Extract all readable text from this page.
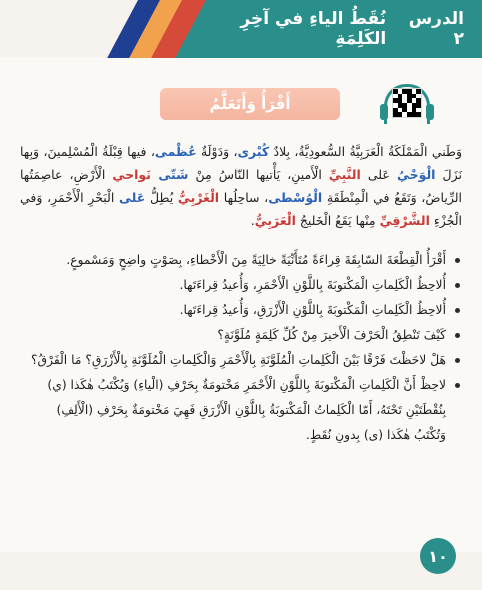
الدرس ٢
نُقَطُ الياءِ في آخِرِ الكَلِمَةِ
أَقْرَأُ وَأَتَعَلَّمُ
وَطَني الْمَمْلَكَةُ الْعَرَبِيَّةُ السُّعودِيَّةُ، بِلادٌ كُبْرى، وَدَوْلَةٌ عُظْمى، فيها قِبْلَةُ الْمُسْلِمينَ، وَبِها نَزَلَ الْوَحْيُ عَلى النَّبِيِّ الْأَمينِ، يَأْتيها النّاسُ مِنْ شَتّى نَواحي الْأَرْضِ، عاصِمَتُها الرِّياضُ، وَتَقَعُ في الْمِنْطَقَةِ الْوُسْطى، ساحِلُها الْغَرْبِيُّ يُطِلُّ عَلى الْبَحْرِ الْأَحْمَرِ، وَفي الْجُزْءِ الشَّرْقِيِّ مِنْها يَقَعُ الْخَليجُ الْعَرَبِيُّ.
أَقْرَأُ الْقِطْعَةَ السّابِقَةَ قِراءَةً مُتَأَنِّيَةً خالِيَةً مِنَ الْأَخْطاءِ، بِصَوْتٍ واضِحٍ وَمَسْموعٍ.
أُلاحِظُ الْكَلِماتِ الْمَكْتوبَةَ بِاللَّوْنِ الْأَحْمَرِ، وَأُعيدُ قِراءَتَها.
أُلاحِظُ الْكَلِماتِ الْمَكْتوبَةَ بِاللَّوْنِ الْأَزْرَقِ، وَأُعيدُ قِراءَتَها.
كَيْفَ تَنْطِقُ الْحَرْفَ الْأَخيرَ مِنْ كُلِّ كَلِمَةٍ مُلَوَّنَةٍ؟
هَلْ لاحَظْتَ فَرْقًا بَيْنَ الْكَلِماتِ الْمُلَوَّنَةِ بِالْأَحْمَرِ وَالْكَلِماتِ الْمُلَوَّنَةِ بِالْأَزْرَقِ؟ مَا الْفَرْقُ؟
لاحِظْ أَنَّ الْكَلِماتِ الْمَكْتوبَةَ بِاللَّوْنِ الْأَحْمَرِ مَخْتومَةٌ بِحَرْفِ (الْياءِ) وَيُكْتَبُ هٰكَذا (ي)
بِنُقْطَتَيْنِ تَحْتَهُ، أَمّا الْكَلِماتُ الْمَكْتوبَةُ بِاللَّوْنِ الْأَزْرَقِ فَهِيَ مَخْتومَةٌ بِحَرْفِ (الْأَلِفِ)
وَتُكْتَبُ هٰكَذا (ى) بِدونِ نُقَطٍ.
١٠
